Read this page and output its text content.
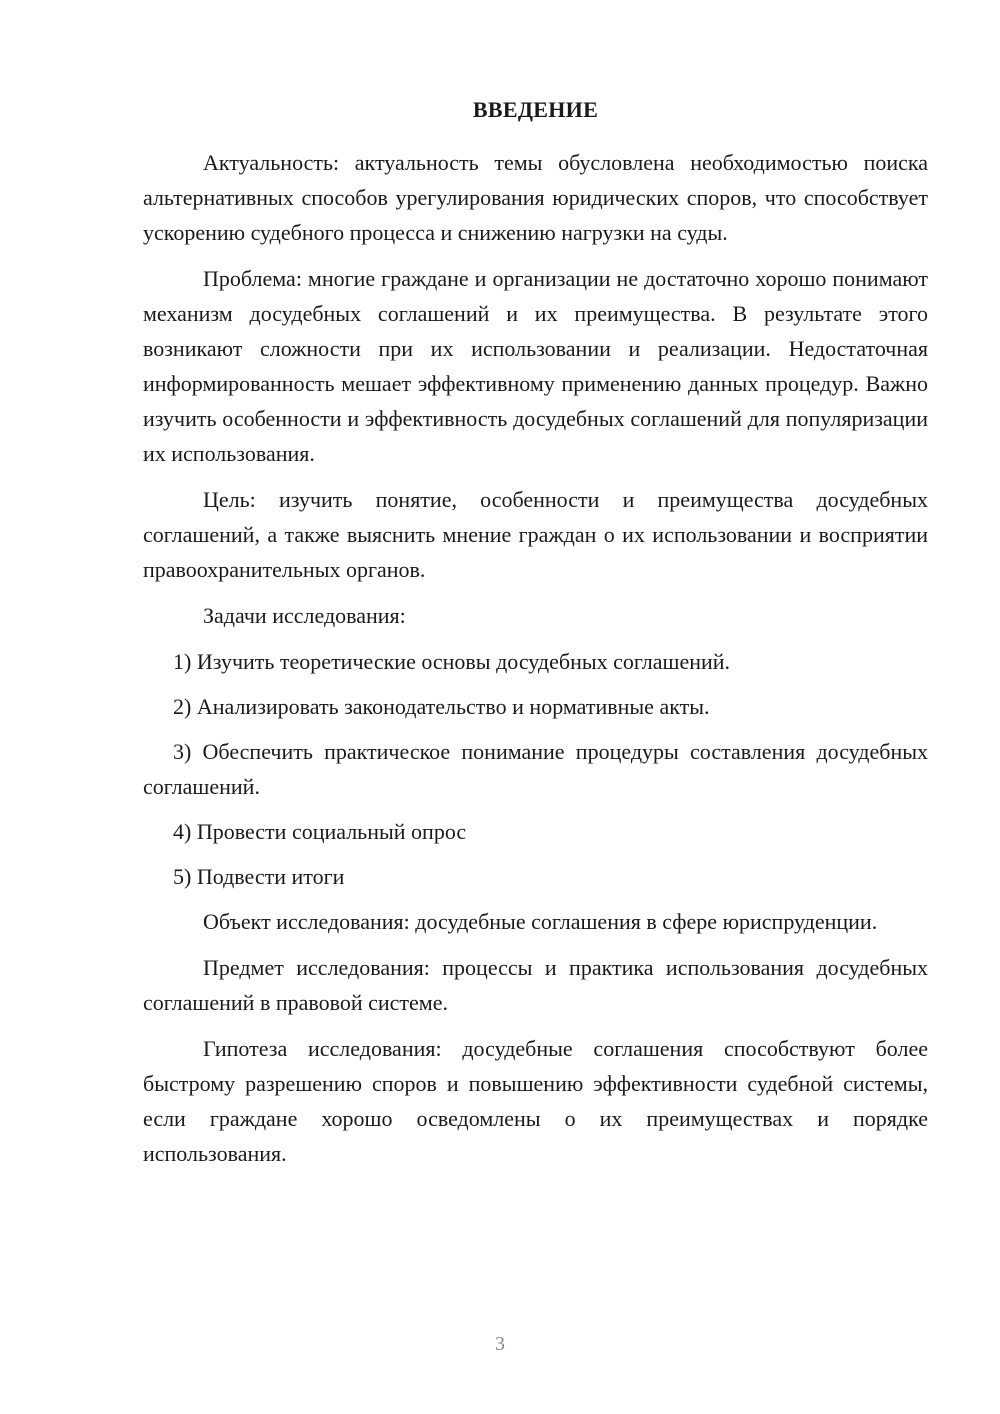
ВВЕДЕНИЕ

Актуальность: актуальность темы обусловлена необходимостью поиска альтернативных способов урегулирования юридических споров, что способствует ускорению судебного процесса и снижению нагрузки на суды.

Проблема: многие граждане и организации не достаточно хорошо понимают механизм досудебных соглашений и их преимущества. В результате этого возникают сложности при их использовании и реализации. Недостаточная информированность мешает эффективному применению данных процедур. Важно изучить особенности и эффективность досудебных соглашений для популяризации их использования.

Цель: изучить понятие, особенности и преимущества досудебных соглашений, а также выяснить мнение граждан о их использовании и восприятии правоохранительных органов.

Задачи исследования:

1) Изучить теоретические основы досудебных соглашений.

2) Анализировать законодательство и нормативные акты.

3) Обеспечить практическое понимание процедуры составления досудебных соглашений.

4) Провести социальный опрос

5) Подвести итоги

Объект исследования: досудебные соглашения в сфере юриспруденции.

Предмет исследования: процессы и практика использования досудебных соглашений в правовой системе.

Гипотеза исследования: досудебные соглашения способствуют более быстрому разрешению споров и повышению эффективности судебной системы, если граждане хорошо осведомлены о их преимуществах и порядке использования.

3
